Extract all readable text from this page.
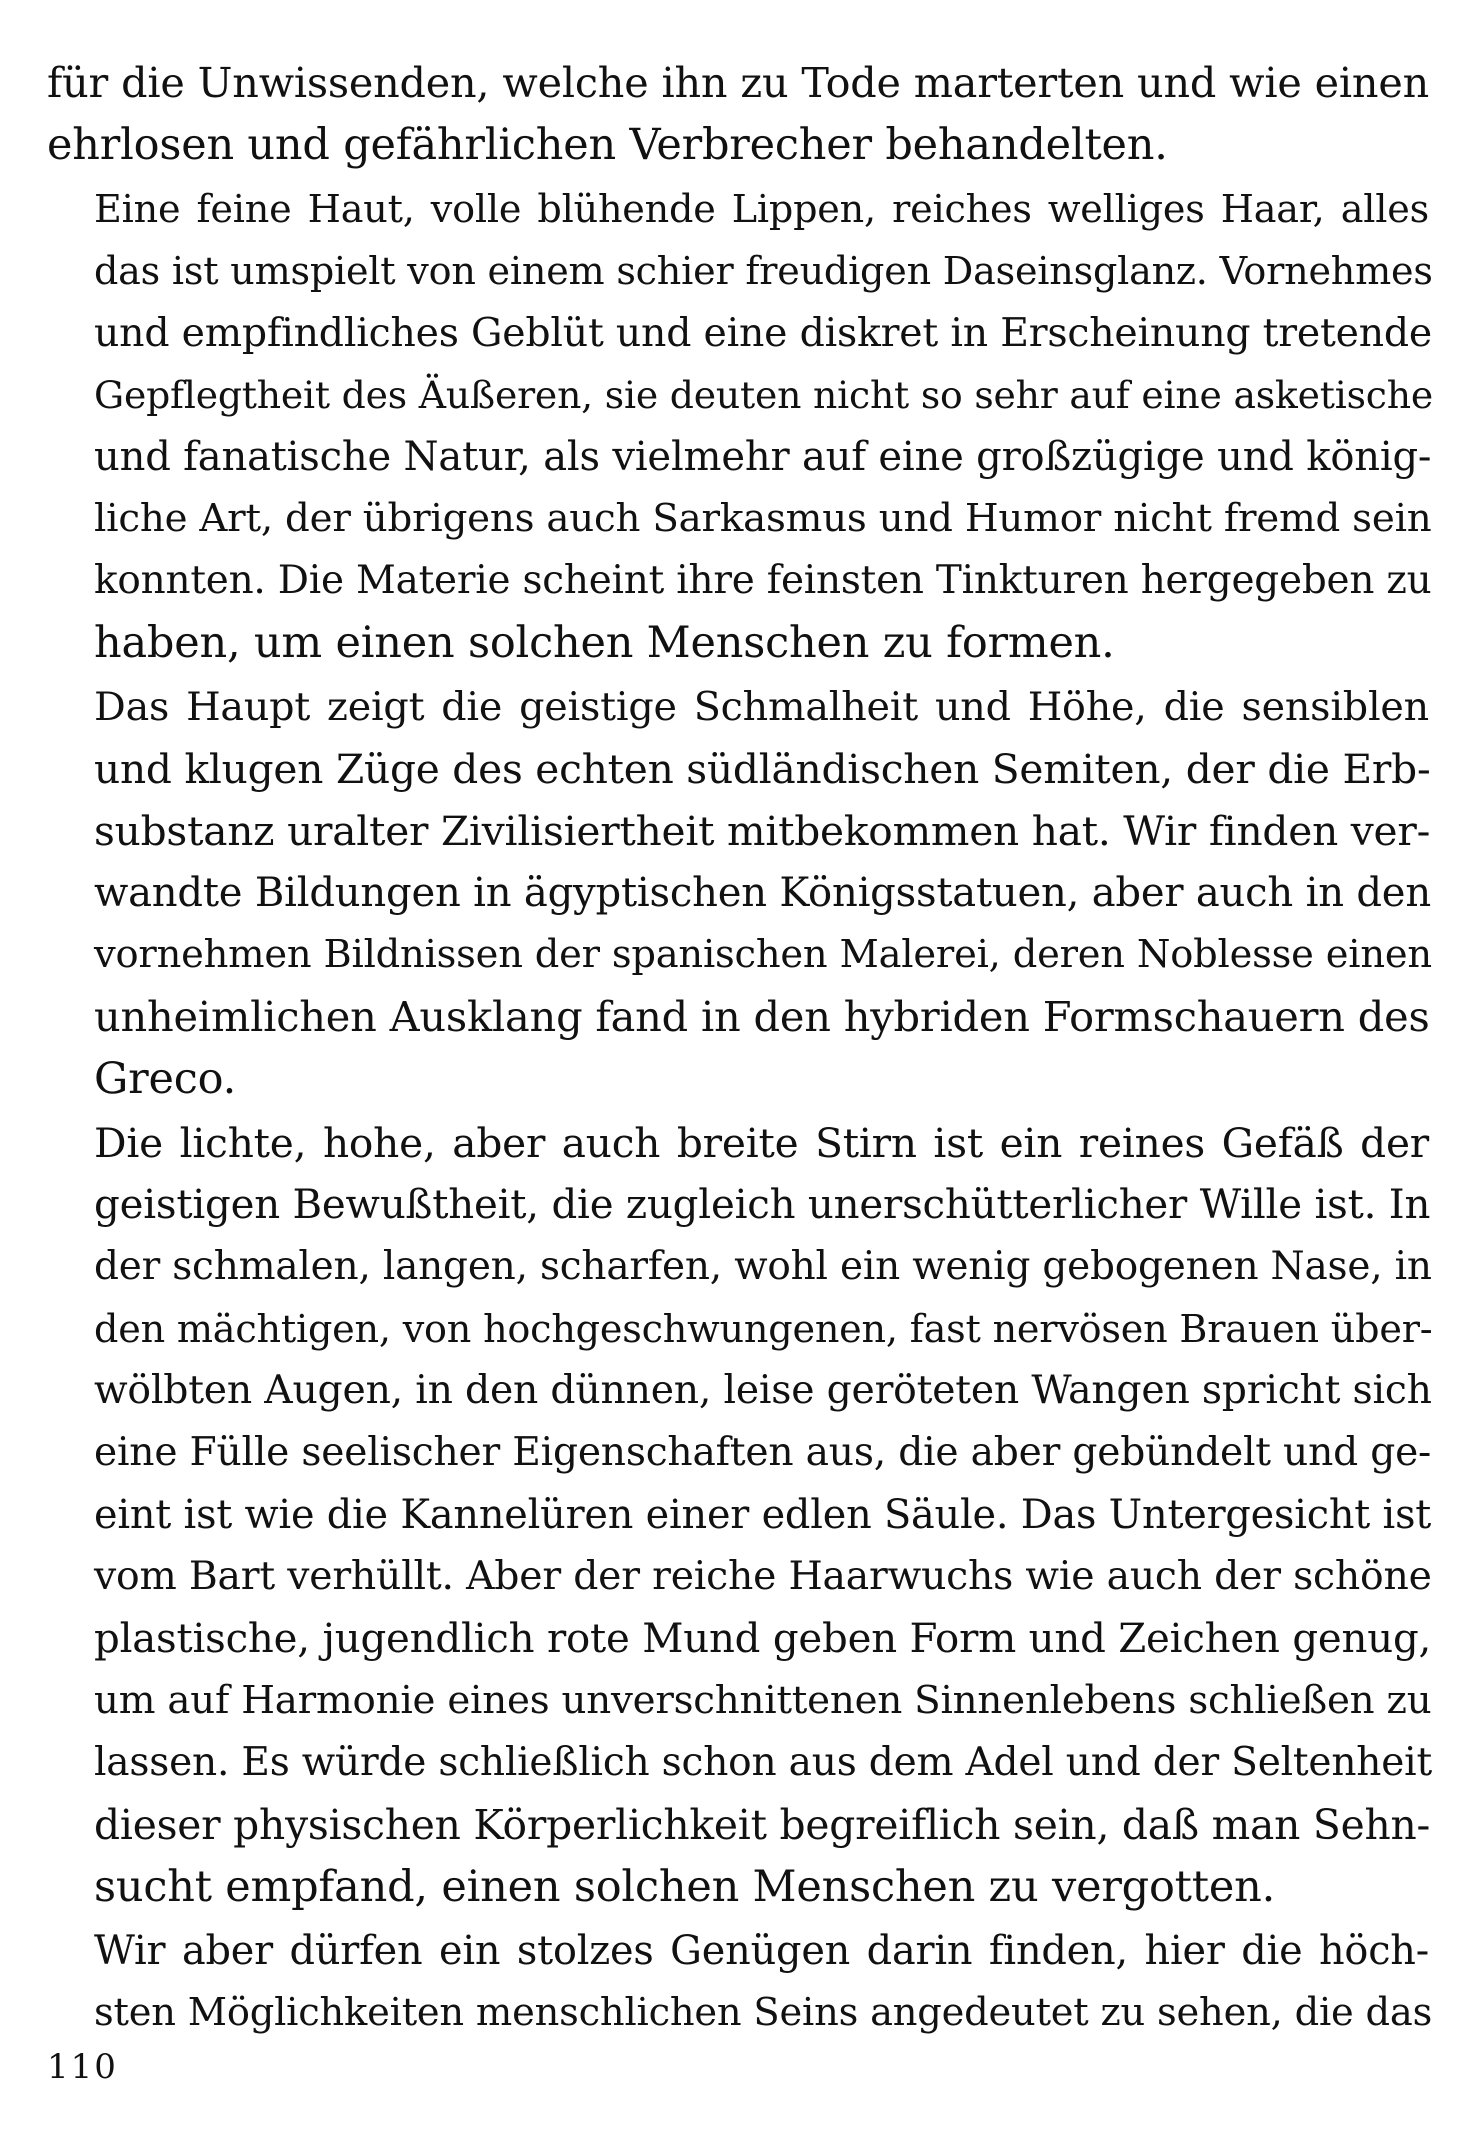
für die Unwissenden, welche ihn zu Tode marterten und wie einen
ehrlosen und gefährlichen Verbrecher behandelten.

Eine feine Haut, volle blühende Lippen, reiches welliges Haar, alles
das ist umspielt von einem schier freudigen Daseinsglanz. Vornehmes
und empfindliches Geblüt und eine diskret in Erscheinung tretende
Gepflegtheit des Äußeren, sie deuten nicht so sehr auf eine asketische
und fanatische Natur, als vielmehr auf eine großzügige und könig-
liche Art, der übrigens auch Sarkasmus und Humor nicht fremd sein
konnten. Die Materie scheint ihre feinsten Tinkturen hergegeben zu
haben, um einen solchen Menschen zu formen.

Das Haupt zeigt die geistige Schmalheit und Höhe, die sensiblen
und klugen Züge des echten südländischen Semiten, der die Erb-
substanz uralter Zivilisiertheit mitbekommen hat. Wir finden ver-
wandte Bildungen in ägyptischen Königsstatuen, aber auch in den
vornehmen Bildnissen der spanischen Malerei, deren Noblesse einen
unheimlichen Ausklang fand in den hybriden Formschauern des
Greco.

Die lichte, hohe, aber auch breite Stirn ist ein reines Gefäß der
geistigen Bewußtheit, die zugleich unerschütterlicher Wille ist. In
der schmalen, langen, scharfen, wohl ein wenig gebogenen Nase, in
den mächtigen, von hochgeschwungenen, fast nervösen Brauen über-
wölbten Augen, in den dünnen, leise geröteten Wangen spricht sich
eine Fülle seelischer Eigenschaften aus, die aber gebündelt und ge-
eint ist wie die Kannelüren einer edlen Säule. Das Untergesicht ist
vom Bart verhüllt. Aber der reiche Haarwuchs wie auch der schöne
plastische, jugendlich rote Mund geben Form und Zeichen genug,
um auf Harmonie eines unverschnittenen Sinnenlebens schließen zu
lassen. Es würde schließlich schon aus dem Adel und der Seltenheit
dieser physischen Körperlichkeit begreiflich sein, daß man Sehn-
sucht empfand, einen solchen Menschen zu vergotten.

Wir aber dürfen ein stolzes Genügen darin finden, hier die höch-
sten Möglichkeiten menschlichen Seins angedeutet zu sehen, die das

110
